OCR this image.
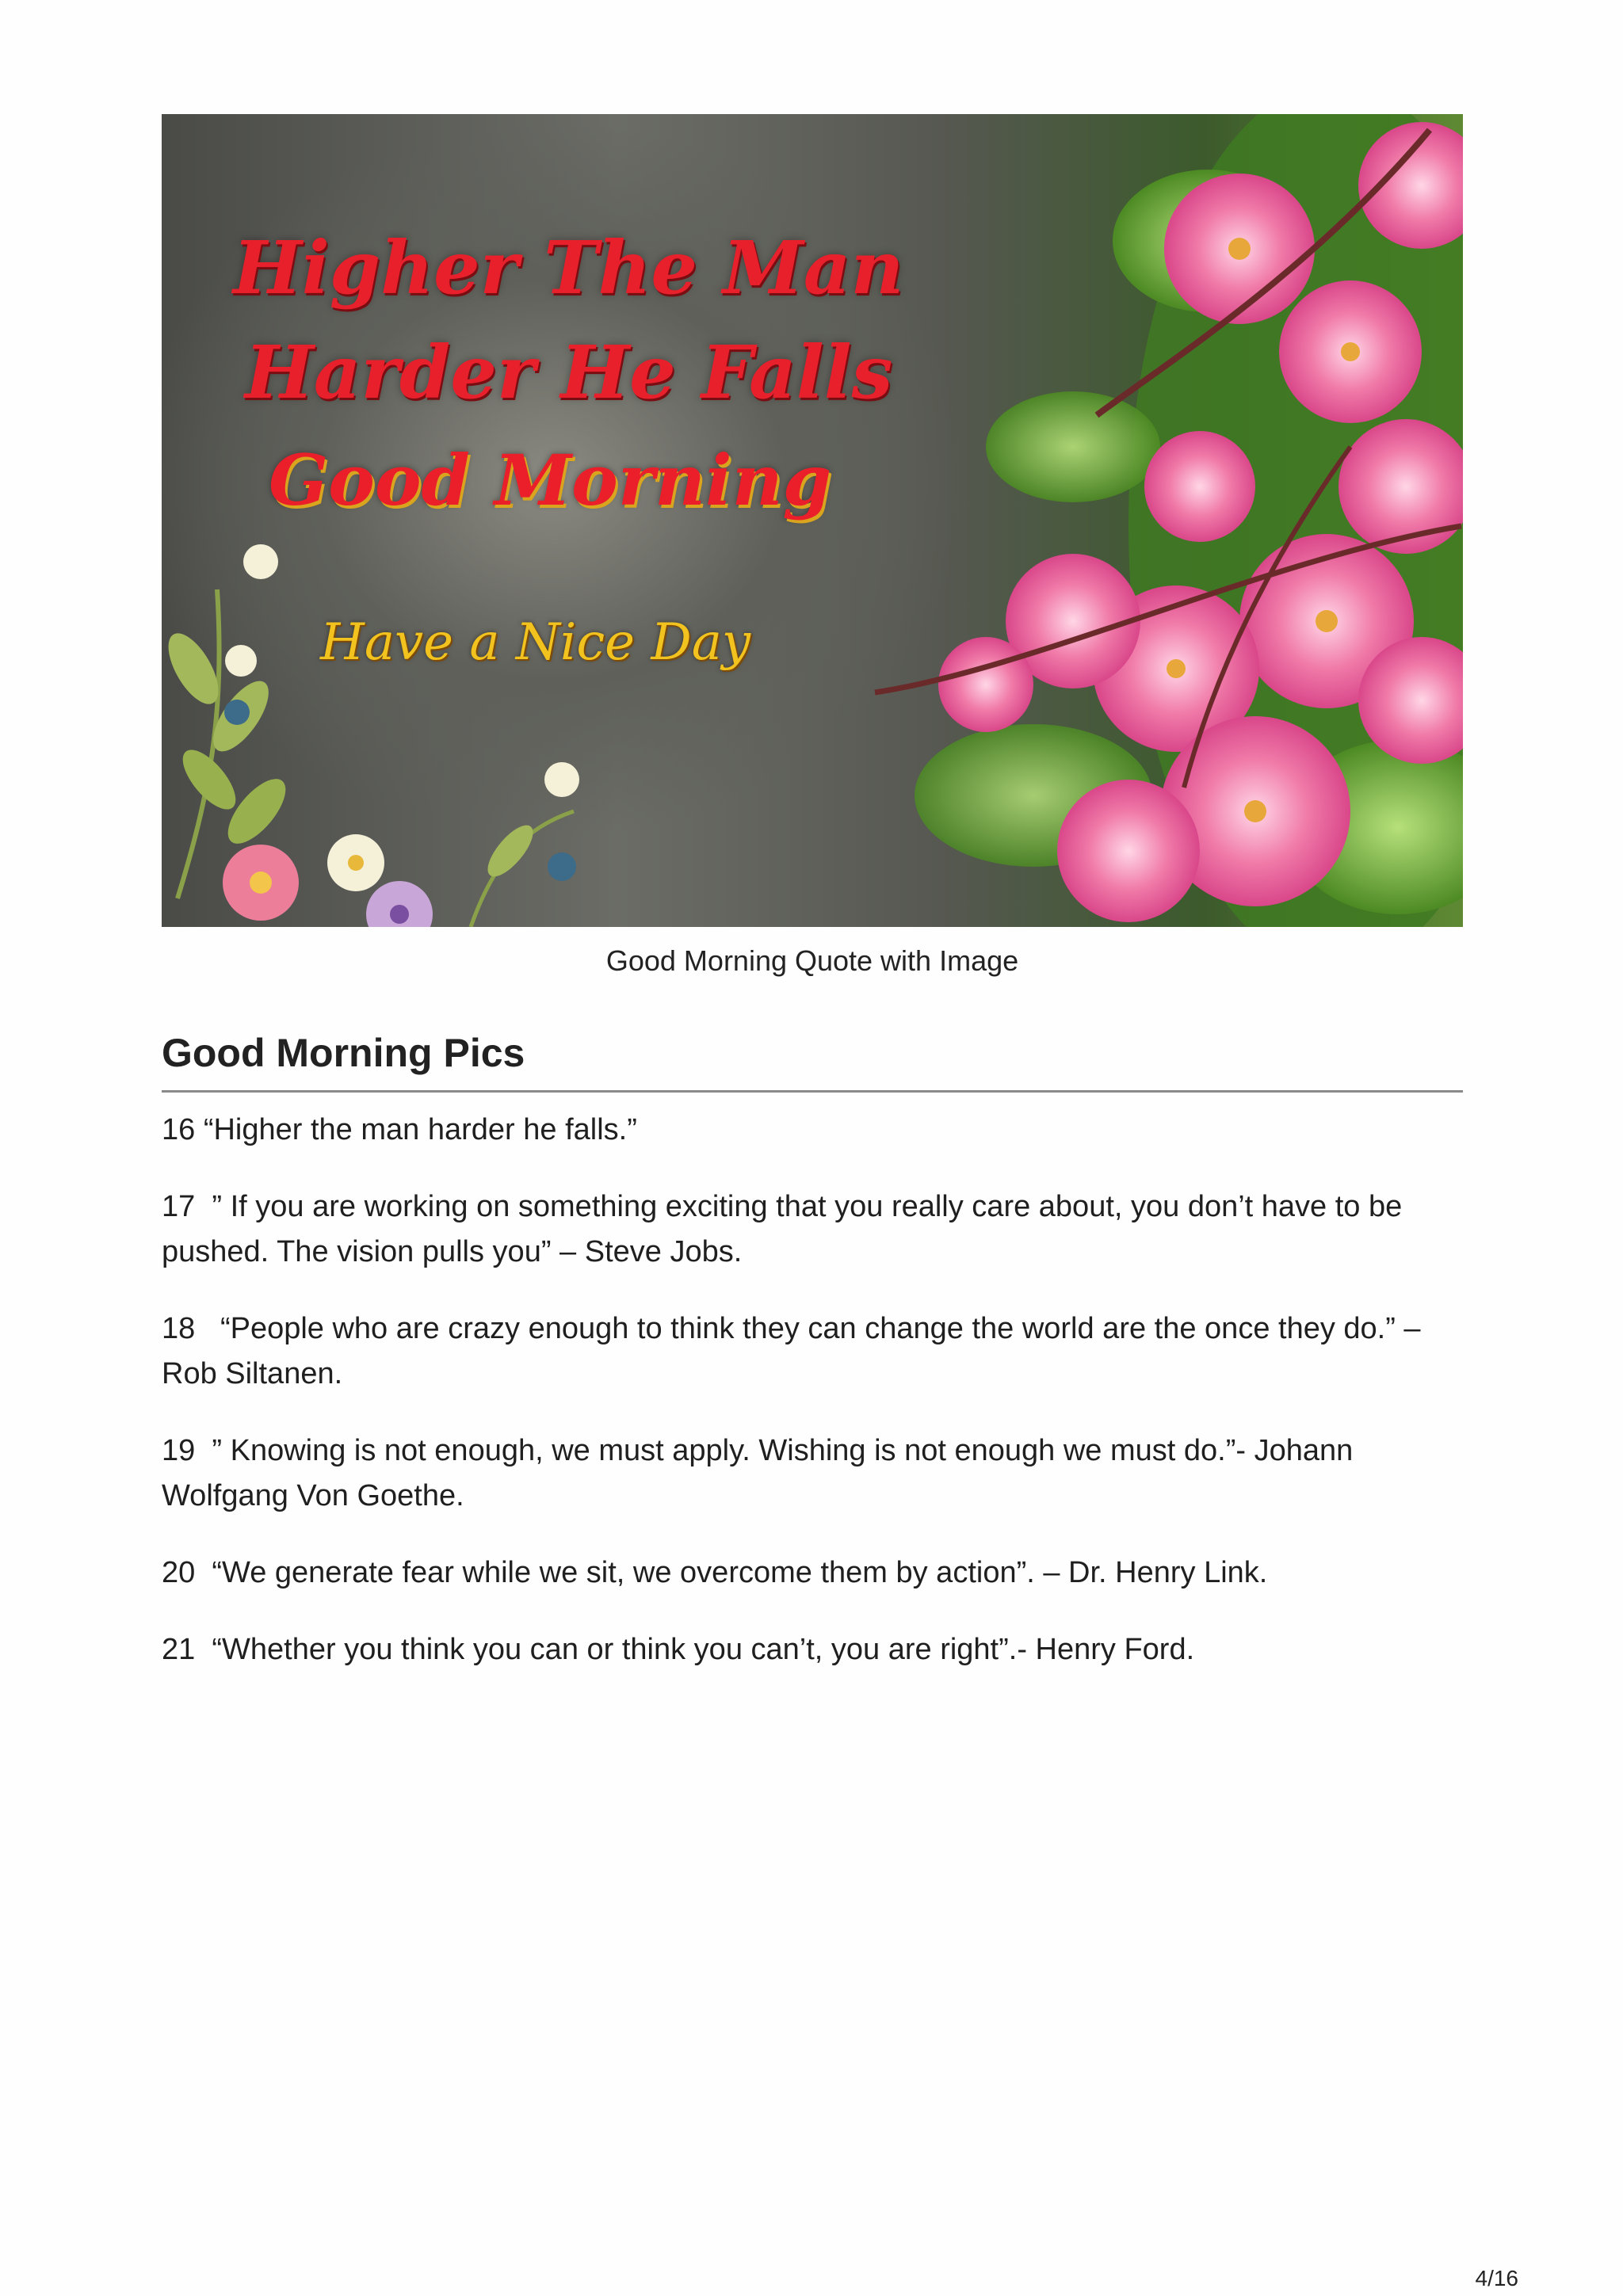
Higher The Man
Harder He Falls
Good Morning
Have a Nice Day
Good Morning Quote with Image
Good Morning Pics

16 “Higher the man harder he falls.”

17  ” If you are working on something exciting that you really care about, you don’t have to be pushed. The vision pulls you” – Steve Jobs.

18   “People who are crazy enough to think they can change the world are the once they do.” – Rob Siltanen.

19  ” Knowing is not enough, we must apply. Wishing is not enough we must do.”- Johann Wolfgang Von Goethe.

20  “We generate fear while we sit, we overcome them by action”. – Dr. Henry Link.

21  “Whether you think you can or think you can’t, you are right”.- Henry Ford.

4/16
